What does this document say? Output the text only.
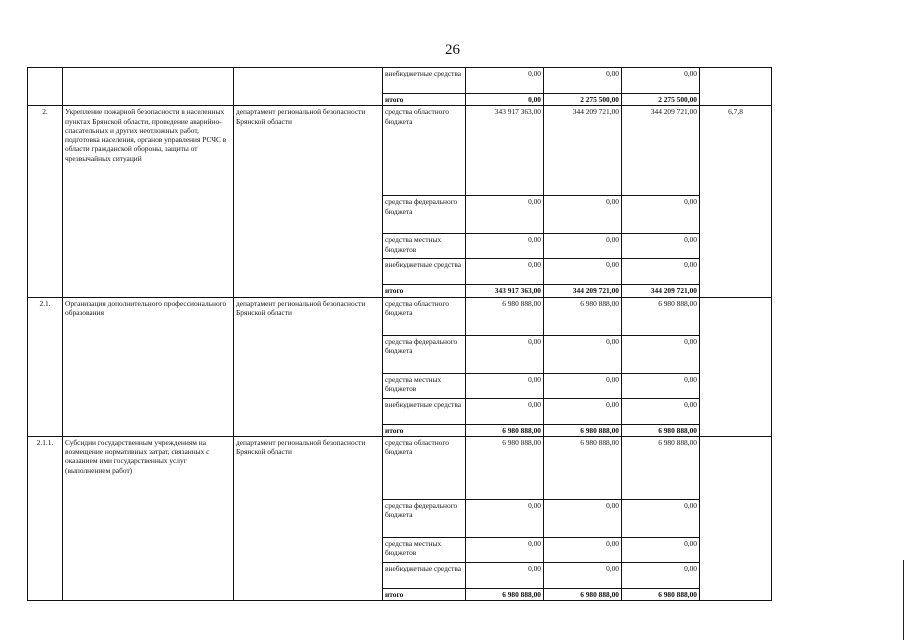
26
			внебюджетные средства	0,00	0,00	0,00	
			итого	0,00	2 275 500,00	2 275 500,00	
2.	Укрепление пожарной безопасности в населенных пунктах Брянской области, проведение аварийно-спасательных и других неотложных работ, подготовка населения, органов управления РСЧС в области гражданской обороны, защиты от чрезвычайных ситуаций	департамент региональной безопасности Брянской области	средства областного бюджета	343 917 363,00	344 209 721,00	344 209 721,00	6,7,8
			средства федерального бюджета	0,00	0,00	0,00	
			средства местных бюджетов	0,00	0,00	0,00	
			внебюджетные средства	0,00	0,00	0,00	
			итого	343 917 363,00	344 209 721,00	344 209 721,00	
2.1.	Организация дополнительного профессионального образования	департамент региональной безопасности Брянской области	средства областного бюджета	6 980 888,00	6 980 888,00	6 980 888,00	
			средства федерального бюджета	0,00	0,00	0,00	
			средства местных бюджетов	0,00	0,00	0,00	
			внебюджетные средства	0,00	0,00	0,00	
			итого	6 980 888,00	6 980 888,00	6 980 888,00	
2.1.1.	Субсидии государственным учреждениям на возмещение нормативных затрат, связанных с оказанием ими государственных услуг (выполнением работ)	департамент региональной безопасности Брянской области	средства областного бюджета	6 980 888,00	6 980 888,00	6 980 888,00	
			средства федерального бюджета	0,00	0,00	0,00	
			средства местных бюджетов	0,00	0,00	0,00	
			внебюджетные средства	0,00	0,00	0,00	
			итого	6 980 888,00	6 980 888,00	6 980 888,00	
